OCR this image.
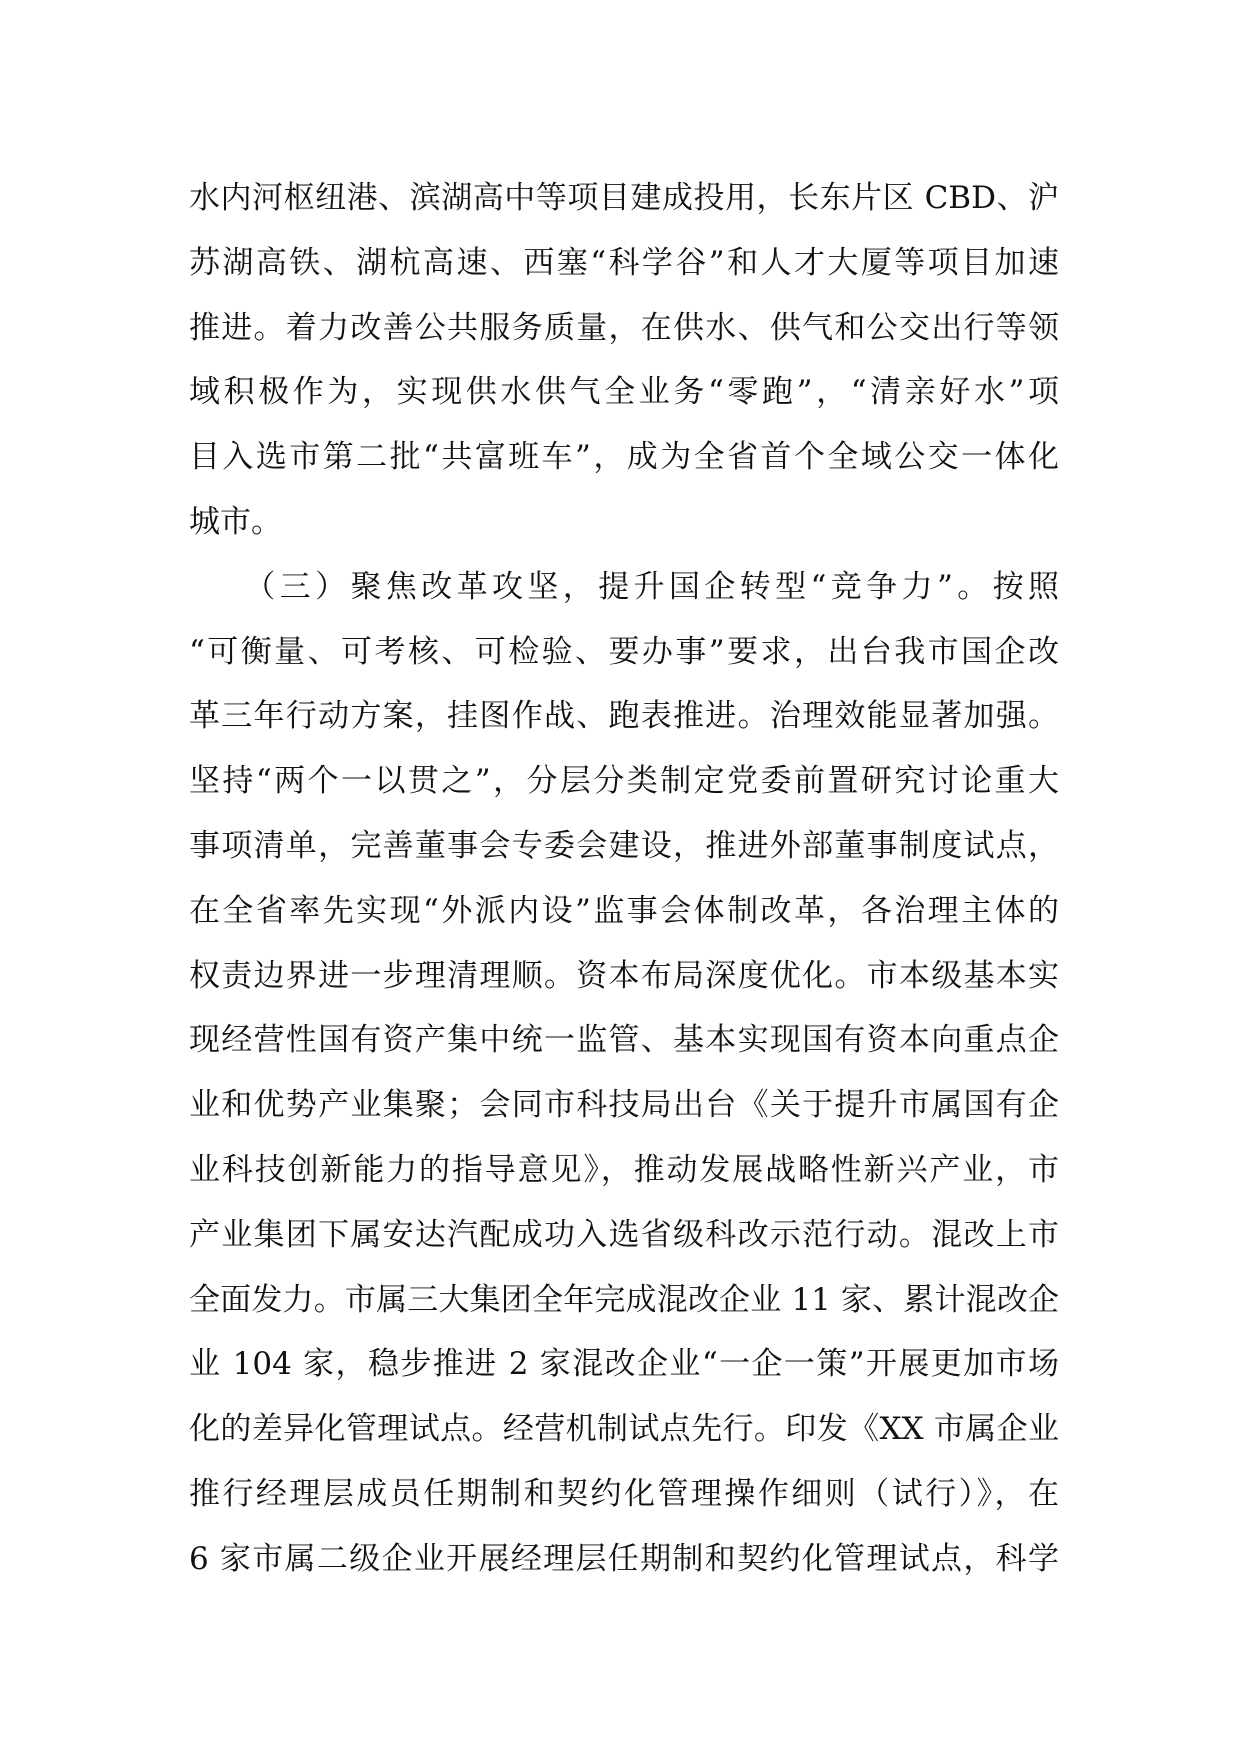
水内河枢纽港、滨湖高中等项目建成投用，长东片区 CBD、沪
苏湖高铁、湖杭高速、西塞“科学谷”和人才大厦等项目加速
推进。着力改善公共服务质量，在供水、供气和公交出行等领
域积极作为，实现供水供气全业务“零跑”，“清亲好水”项
目入选市第二批“共富班车”，成为全省首个全域公交一体化
城市。
　　（三）聚焦改革攻坚，提升国企转型“竞争力”。按照
“可衡量、可考核、可检验、要办事”要求，出台我市国企改
革三年行动方案，挂图作战、跑表推进。治理效能显著加强。
坚持“两个一以贯之”，分层分类制定党委前置研究讨论重大
事项清单，完善董事会专委会建设，推进外部董事制度试点，
在全省率先实现“外派内设”监事会体制改革，各治理主体的
权责边界进一步理清理顺。资本布局深度优化。市本级基本实
现经营性国有资产集中统一监管、基本实现国有资本向重点企
业和优势产业集聚；会同市科技局出台《关于提升市属国有企
业科技创新能力的指导意见》，推动发展战略性新兴产业，市
产业集团下属安达汽配成功入选省级科改示范行动。混改上市
全面发力。市属三大集团全年完成混改企业 11 家、累计混改企
业 104 家，稳步推进 2 家混改企业“一企一策”开展更加市场
化的差异化管理试点。经营机制试点先行。印发《XX 市属企业
推行经理层成员任期制和契约化管理操作细则（试行）》，在
6 家市属二级企业开展经理层任期制和契约化管理试点，科学
